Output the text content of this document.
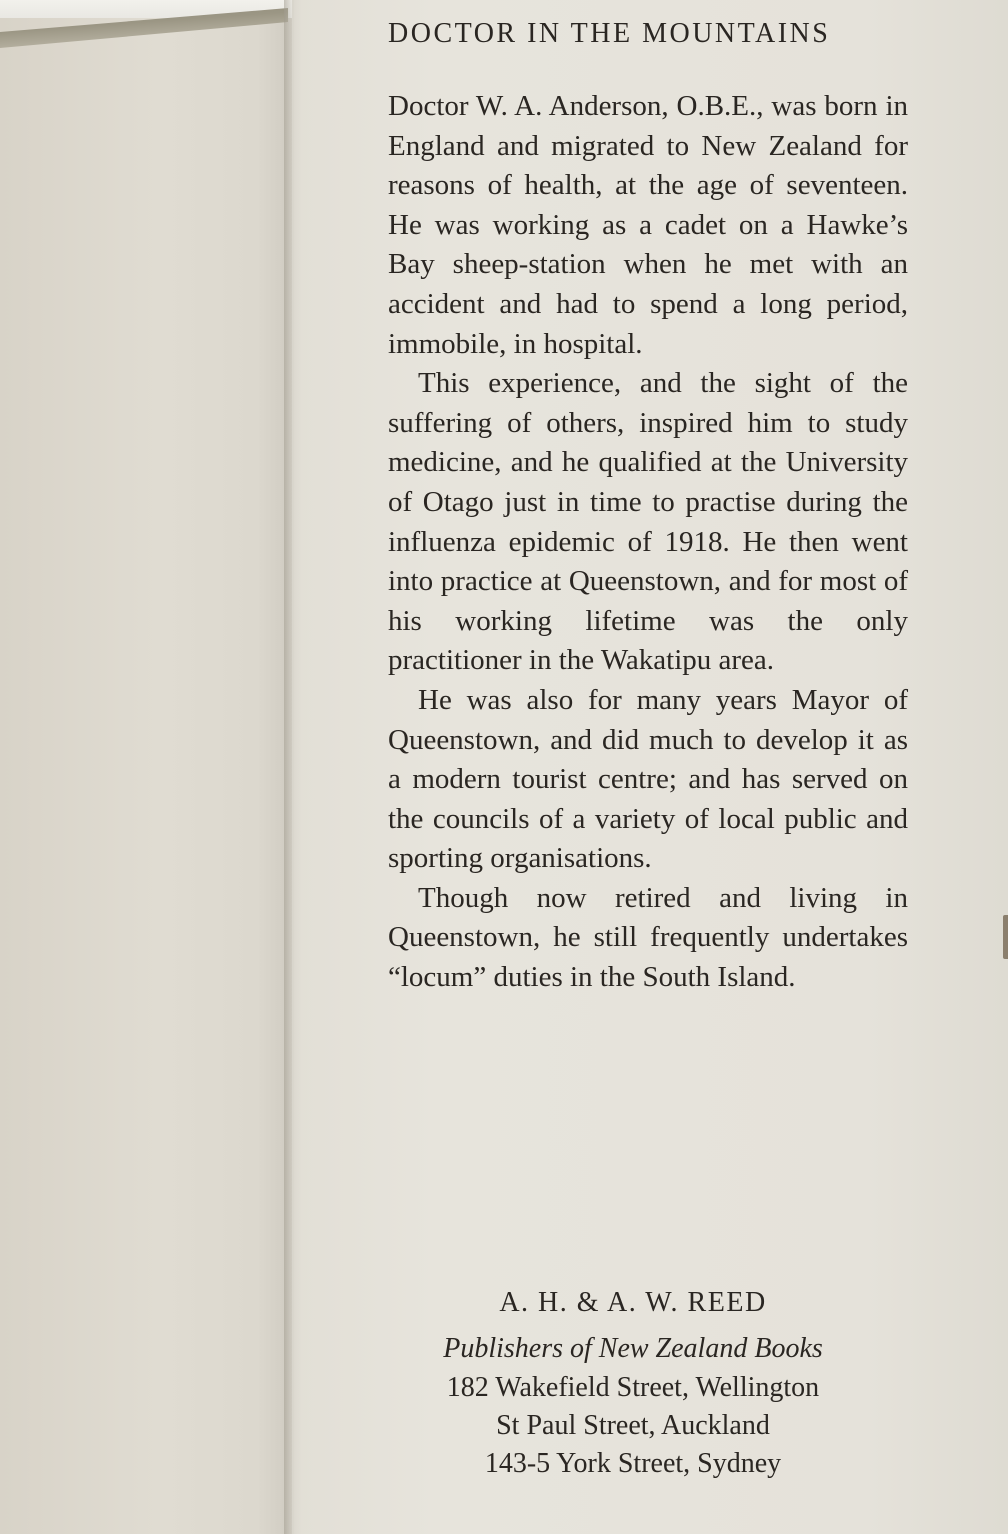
DOCTOR IN THE MOUNTAINS

Doctor W. A. Anderson, O.B.E., was born in England and migrated to New Zealand for reasons of health, at the age of seventeen. He was working as a cadet on a Hawke’s Bay sheep-station when he met with an accident and had to spend a long period, immobile, in hospital.

This experience, and the sight of the suffering of others, inspired him to study medicine, and he qualified at the University of Otago just in time to practise during the influenza epidemic of 1918. He then went into practice at Queenstown, and for most of his working lifetime was the only practitioner in the Wakatipu area.

He was also for many years Mayor of Queenstown, and did much to develop it as a modern tourist centre; and has served on the councils of a variety of local public and sporting organisations.

Though now retired and living in Queenstown, he still frequently undertakes “locum” duties in the South Island.

A. H. & A. W. REED
Publishers of New Zealand Books
182 Wakefield Street, Wellington
St Paul Street, Auckland
143-5 York Street, Sydney
